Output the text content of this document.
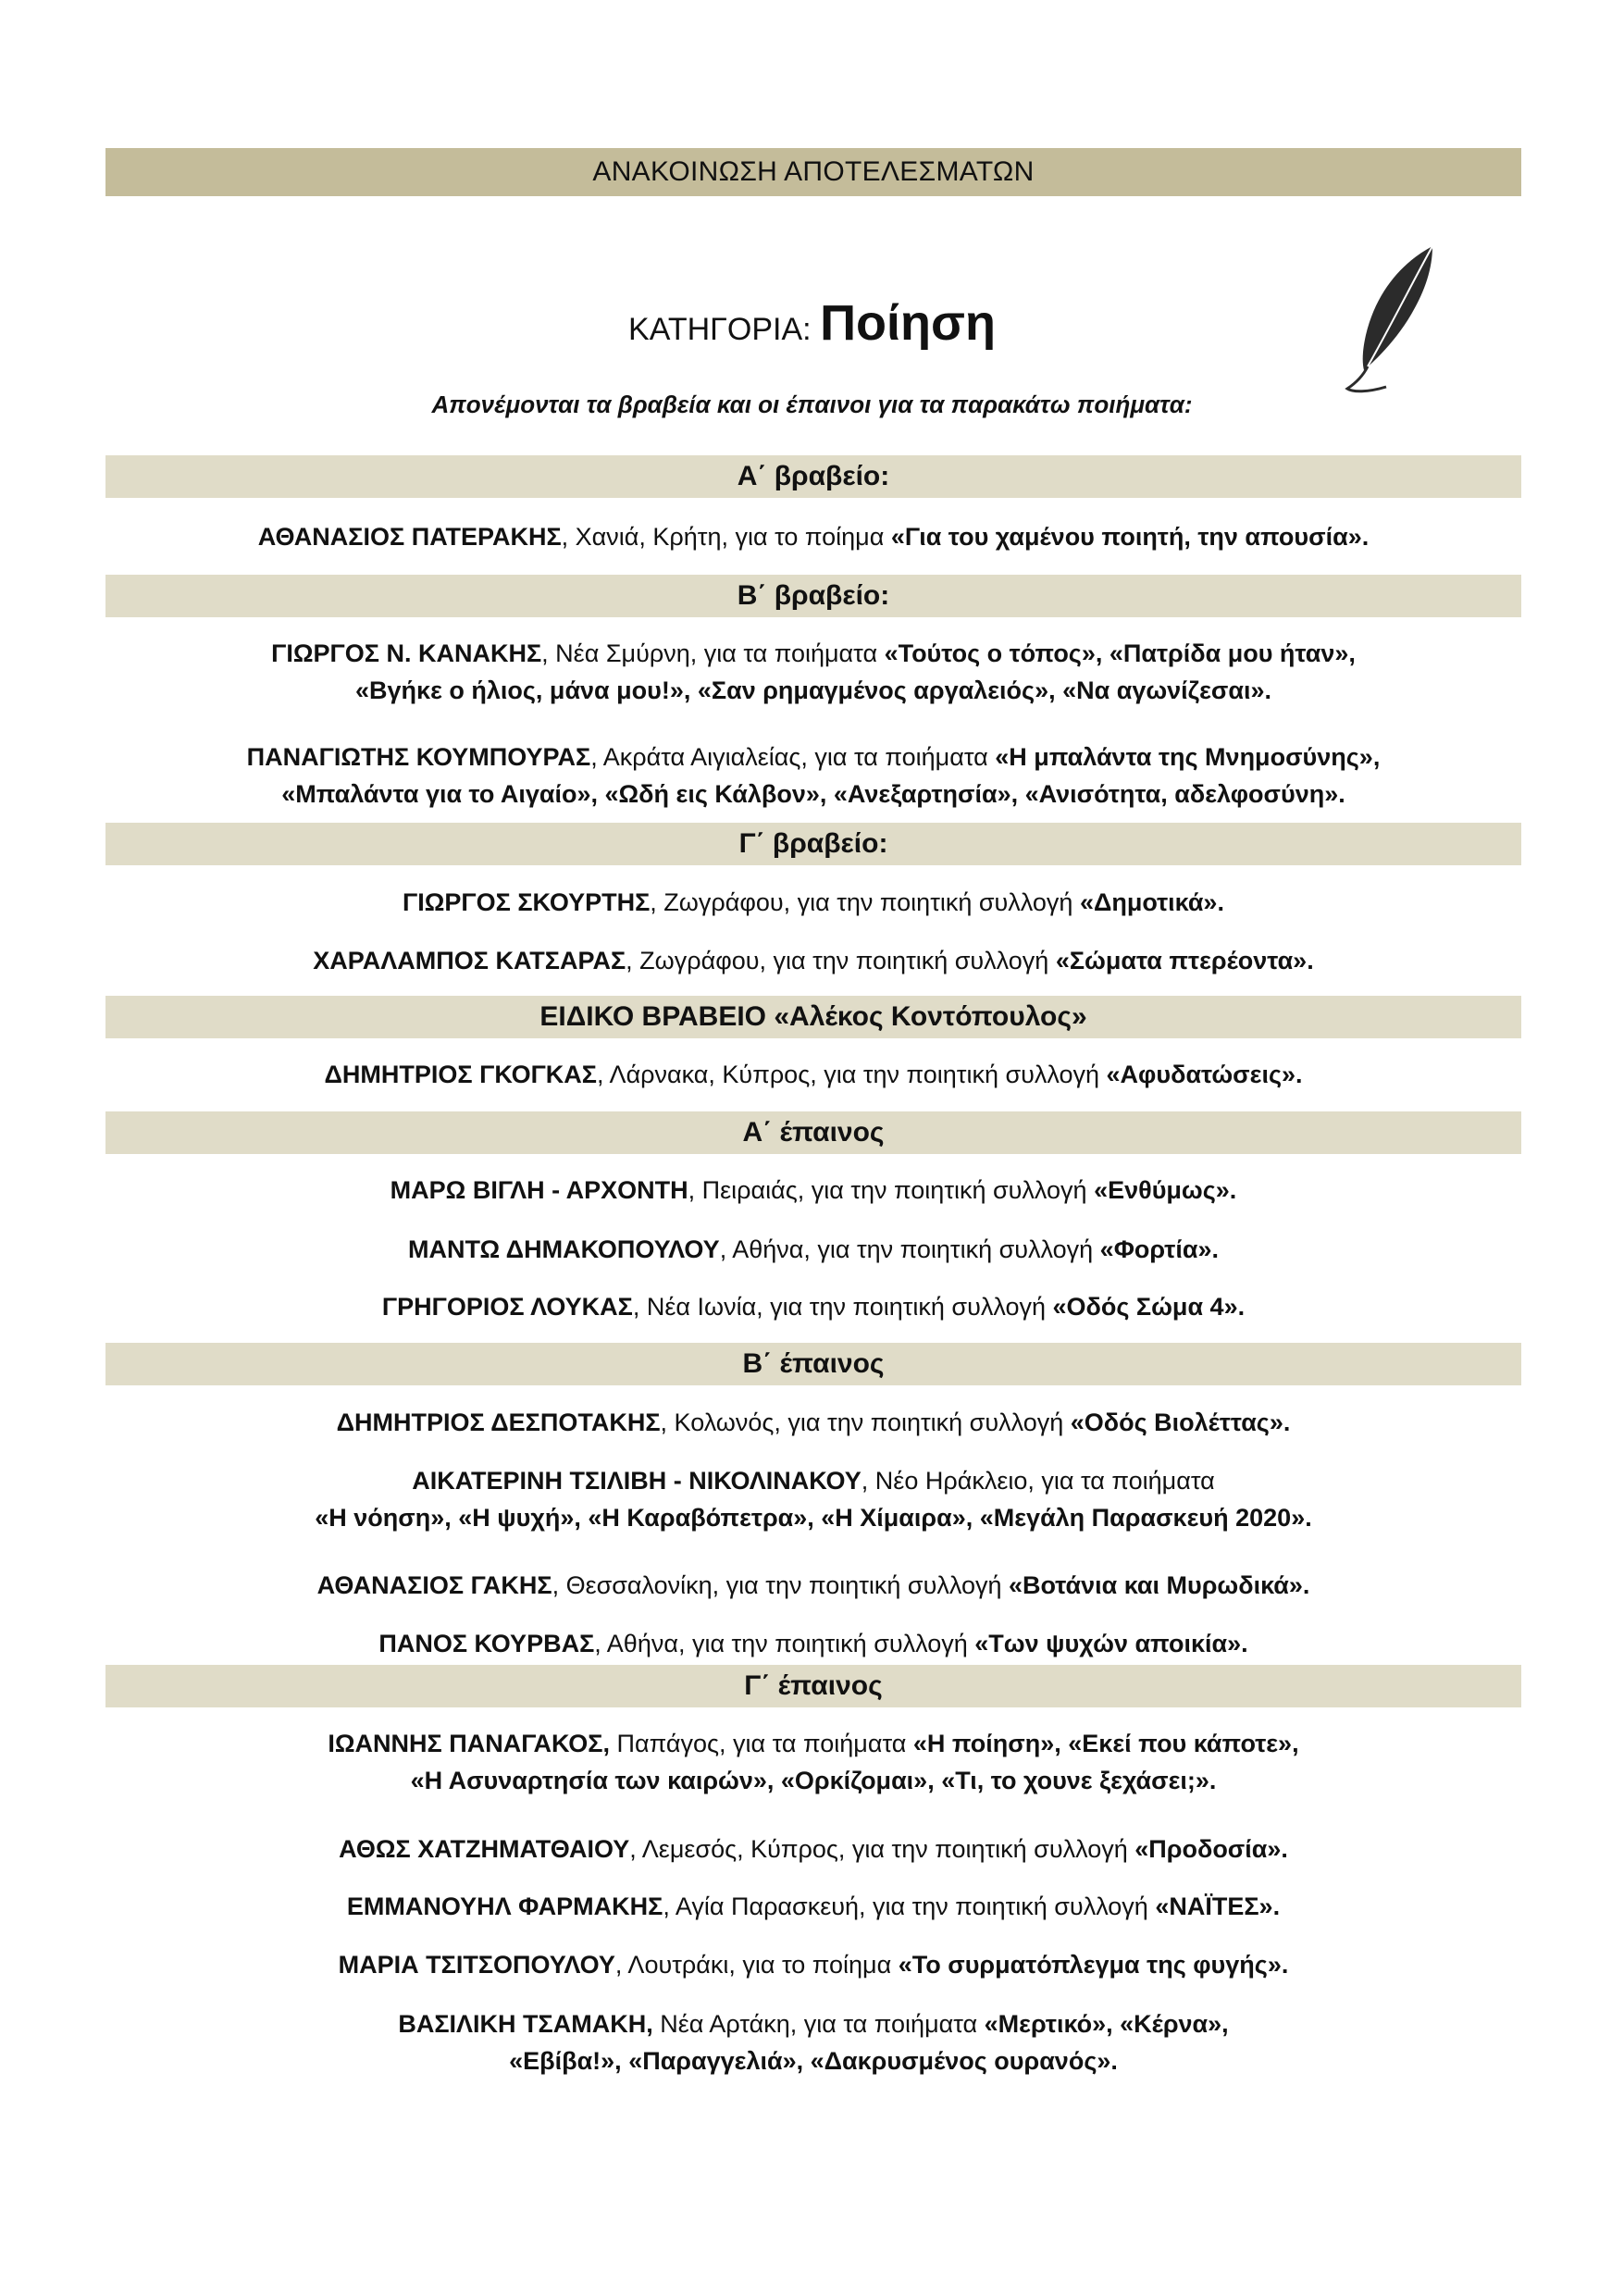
ΑΝΑΚΟΙΝΩΣΗ ΑΠΟΤΕΛΕΣΜΑΤΩΝ
ΚΑΤΗΓΟΡΙΑ: Ποίηση
Απονέμονται τα βραβεία και οι έπαινοι για τα παρακάτω ποιήματα:
Α΄ βραβείο:
ΑΘΑΝΑΣΙΟΣ ΠΑΤΕΡΑΚΗΣ, Χανιά, Κρήτη, για το ποίημα «Για του χαμένου ποιητή, την απουσία».
Β΄ βραβείο:
ΓΙΩΡΓΟΣ Ν. ΚΑΝΑΚΗΣ, Νέα Σμύρνη, για τα ποιήματα «Τούτος ο τόπος», «Πατρίδα μου ήταν»,
«Βγήκε ο ήλιος, μάνα μου!», «Σαν ρημαγμένος αργαλειός», «Να αγωνίζεσαι».
ΠΑΝΑΓΙΩΤΗΣ ΚΟΥΜΠΟΥΡΑΣ, Ακράτα Αιγιαλείας, για τα ποιήματα «Η μπαλάντα της Μνημοσύνης»,
«Μπαλάντα για το Αιγαίο», «Ωδή εις Κάλβον», «Ανεξαρτησία», «Ανισότητα, αδελφοσύνη».
Γ΄ βραβείο:
ΓΙΩΡΓΟΣ ΣΚΟΥΡΤΗΣ, Ζωγράφου, για την ποιητική συλλογή «Δημοτικά».
ΧΑΡΑΛΑΜΠΟΣ ΚΑΤΣΑΡΑΣ, Ζωγράφου, για την ποιητική συλλογή «Σώματα πτερέοντα».
ΕΙΔΙΚΟ ΒΡΑΒΕΙΟ «Αλέκος Κοντόπουλος»
ΔΗΜΗΤΡΙΟΣ ΓΚΟΓΚΑΣ, Λάρνακα, Κύπρος, για την ποιητική συλλογή «Αφυδατώσεις».
Α΄ έπαινος
ΜΑΡΩ ΒΙΓΛΗ - ΑΡΧΟΝΤΗ, Πειραιάς, για την ποιητική συλλογή «Ενθύμως».
ΜΑΝΤΩ ΔΗΜΑΚΟΠΟΥΛΟΥ, Αθήνα, για την ποιητική συλλογή «Φορτία».
ΓΡΗΓΟΡΙΟΣ ΛΟΥΚΑΣ, Νέα Ιωνία, για την ποιητική συλλογή «Οδός Σώμα 4».
Β΄ έπαινος
ΔΗΜΗΤΡΙΟΣ ΔΕΣΠΟΤΑΚΗΣ, Κολωνός, για την ποιητική συλλογή «Οδός Βιολέττας».
ΑΙΚΑΤΕΡΙΝΗ ΤΣΙΛΙΒΗ - ΝΙΚΟΛΙΝΑΚΟΥ, Νέο Ηράκλειο, για τα ποιήματα
«Η νόηση», «Η ψυχή», «Η Καραβόπετρα», «Η Χίμαιρα», «Μεγάλη Παρασκευή 2020».
ΑΘΑΝΑΣΙΟΣ ΓΑΚΗΣ, Θεσσαλονίκη, για την ποιητική συλλογή «Βοτάνια και Μυρωδικά».
ΠΑΝΟΣ ΚΟΥΡΒΑΣ, Αθήνα, για την ποιητική συλλογή «Των ψυχών αποικία».
Γ΄ έπαινος
ΙΩΑΝΝΗΣ ΠΑΝΑΓΑΚΟΣ, Παπάγος, για τα ποιήματα «Η ποίηση», «Εκεί που κάποτε»,
«Η Ασυναρτησία των καιρών», «Ορκίζομαι», «Τι, το χουνε ξεχάσει;».
ΑΘΩΣ ΧΑΤΖΗΜΑΤΘΑΙΟΥ, Λεμεσός, Κύπρος, για την ποιητική συλλογή «Προδοσία».
ΕΜΜΑΝΟΥΗΛ ΦΑΡΜΑΚΗΣ, Αγία Παρασκευή, για την ποιητική συλλογή «ΝΑΪΤΕΣ».
ΜΑΡΙΑ ΤΣΙΤΣΟΠΟΥΛΟΥ, Λουτράκι, για το ποίημα «Το συρματόπλεγμα της φυγής».
ΒΑΣΙΛΙΚΗ ΤΣΑΜΑΚΗ, Νέα Αρτάκη, για τα ποιήματα «Μερτικό», «Κέρνα»,
«Εβίβα!», «Παραγγελιά», «Δακρυσμένος ουρανός».
